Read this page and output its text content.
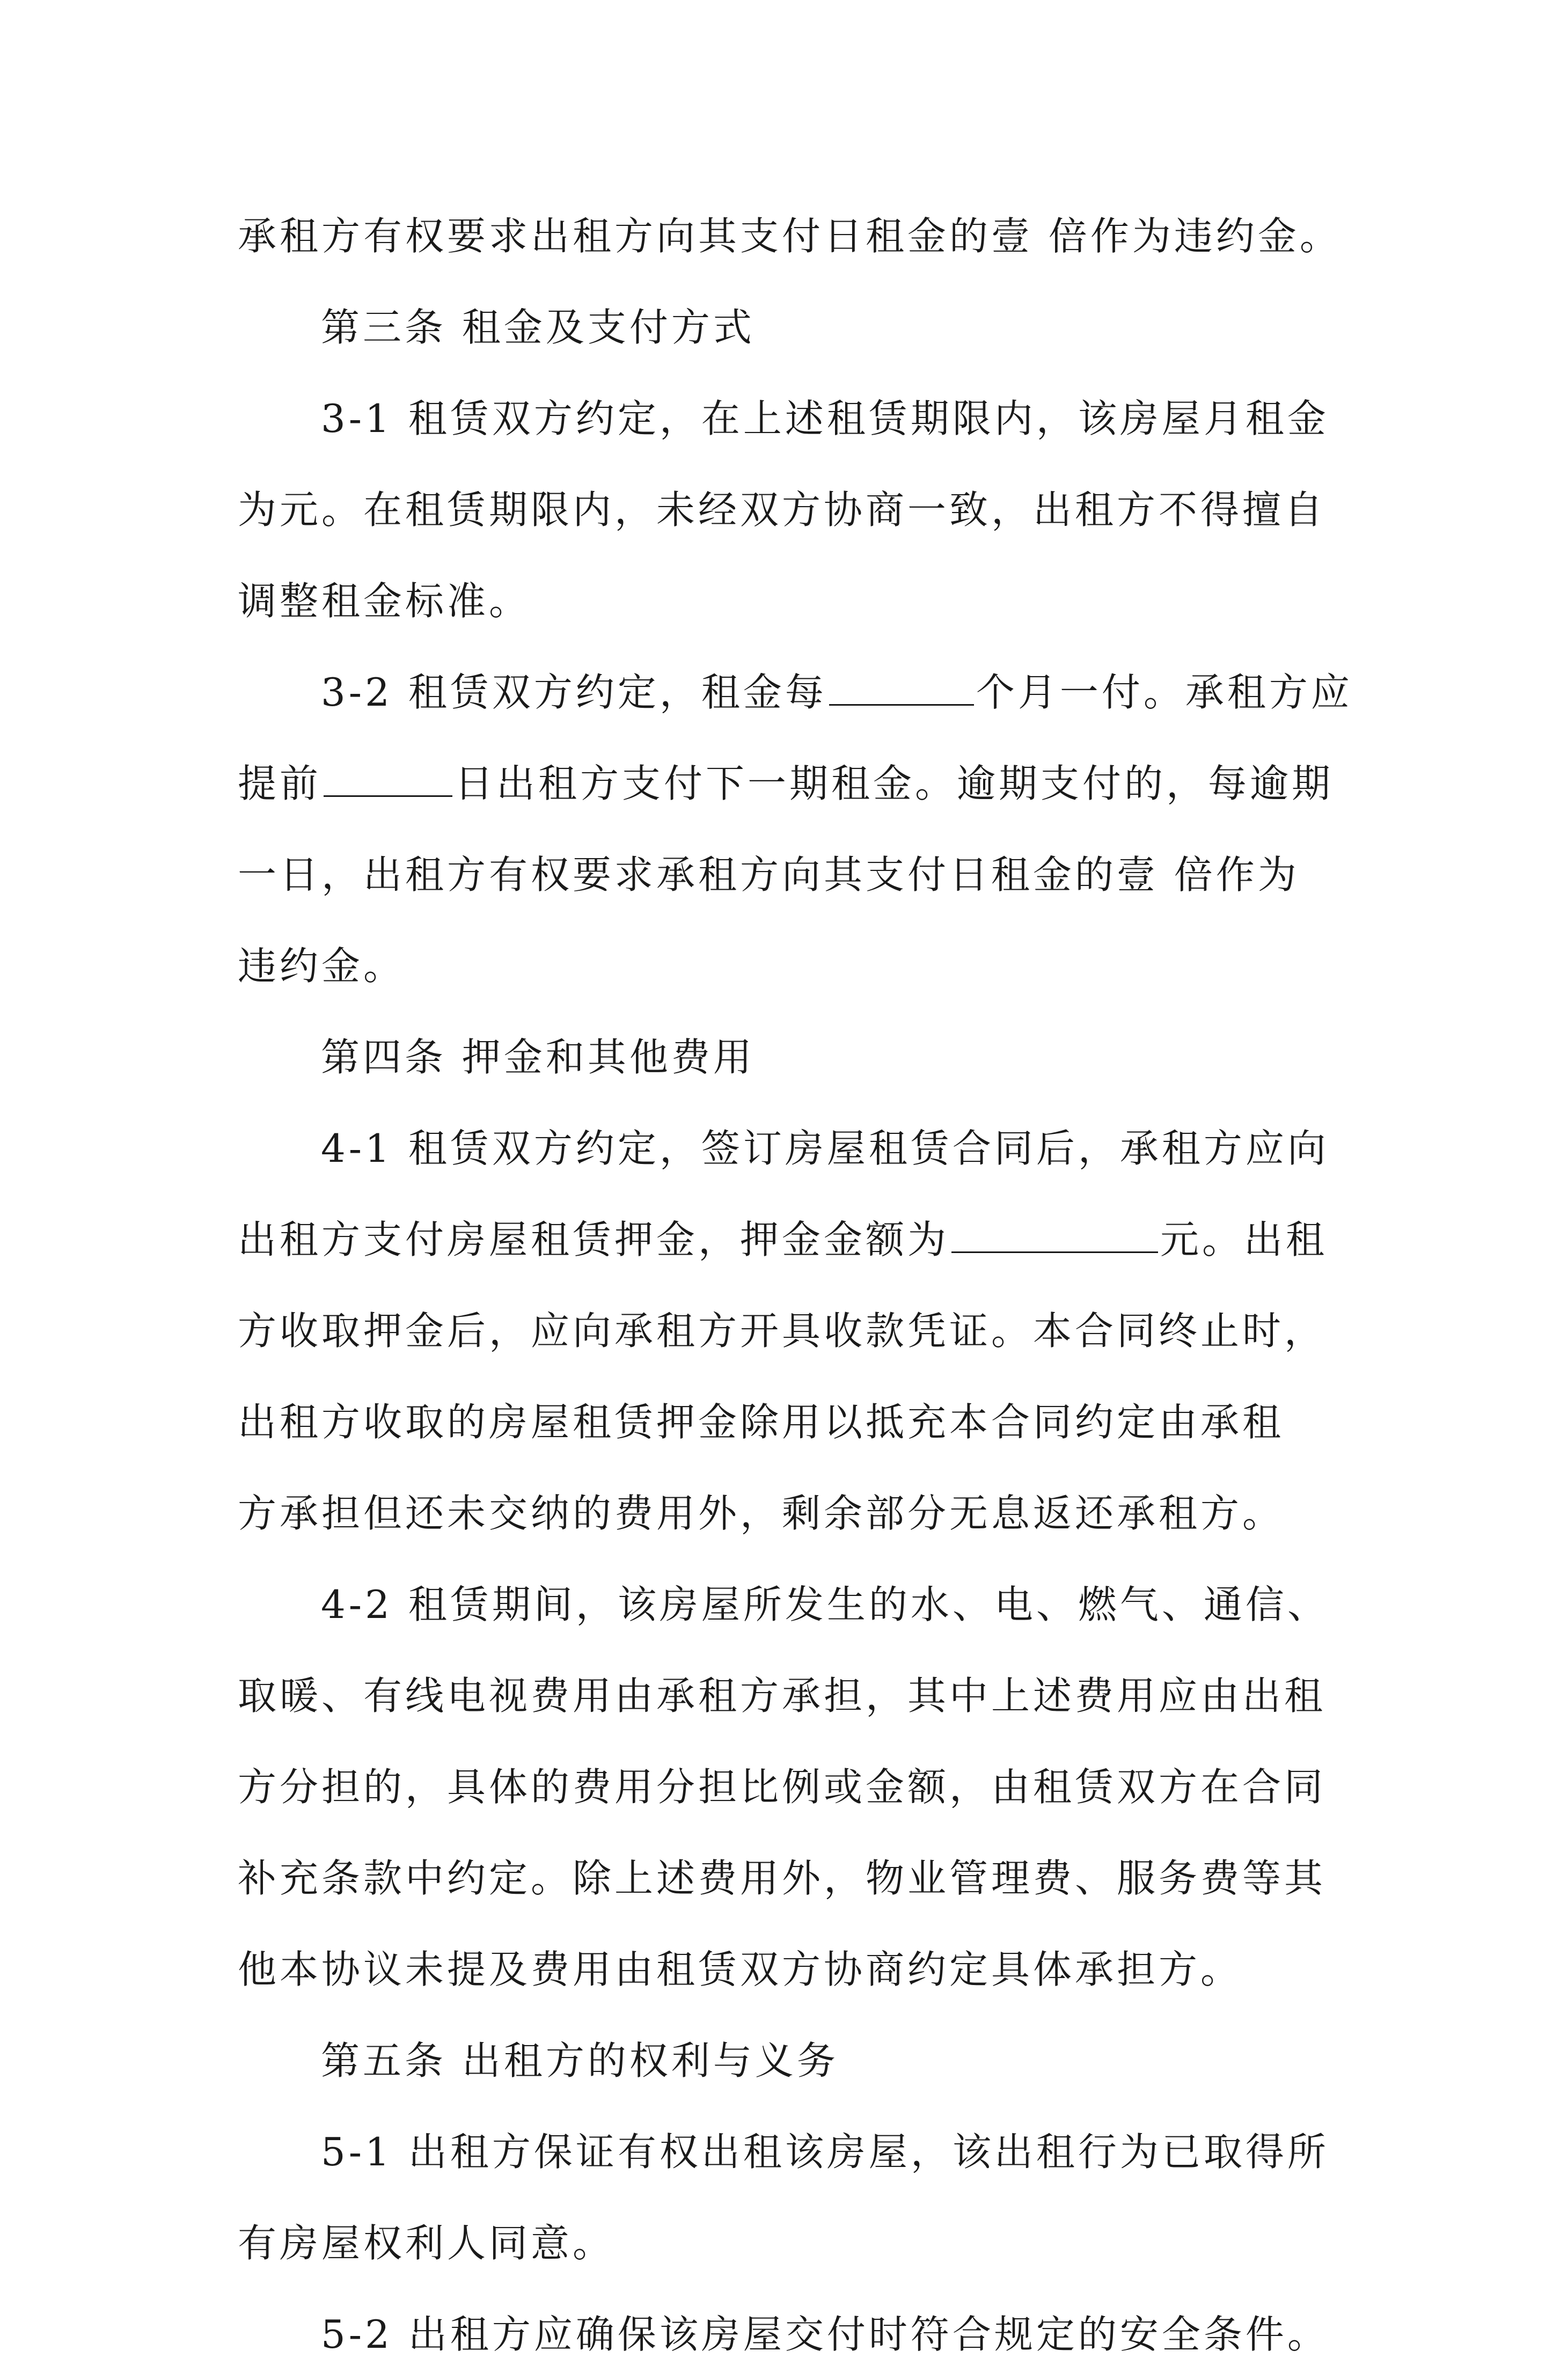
承租方有权要求出租方向其支付日租金的壹 倍作为违约金。
第三条 租金及支付方式
3-1 租赁双方约定，在上述租赁期限内，该房屋月租金
为元。在租赁期限内，未经双方协商一致，出租方不得擅自
调整租金标准。
3-2 租赁双方约定，租金每	个月一付。承租方应
提前	日出租方支付下一期租金。逾期支付的，每逾期
一日，出租方有权要求承租方向其支付日租金的壹 倍作为
违约金。
第四条 押金和其他费用
4-1 租赁双方约定，签订房屋租赁合同后，承租方应向
出租方支付房屋租赁押金，押金金额为	元。出租
方收取押金后，应向承租方开具收款凭证。本合同终止时，
出租方收取的房屋租赁押金除用以抵充本合同约定由承租
方承担但还未交纳的费用外，剩余部分无息返还承租方。
4-2 租赁期间，该房屋所发生的水、电、燃气、通信、
取暖、有线电视费用由承租方承担，其中上述费用应由出租
方分担的，具体的费用分担比例或金额，由租赁双方在合同
补充条款中约定。除上述费用外，物业管理费、服务费等其
他本协议未提及费用由租赁双方协商约定具体承担方。
第五条 出租方的权利与义务
5-1 出租方保证有权出租该房屋，该出租行为已取得所
有房屋权利人同意。
5-2 出租方应确保该房屋交付时符合规定的安全条件。
